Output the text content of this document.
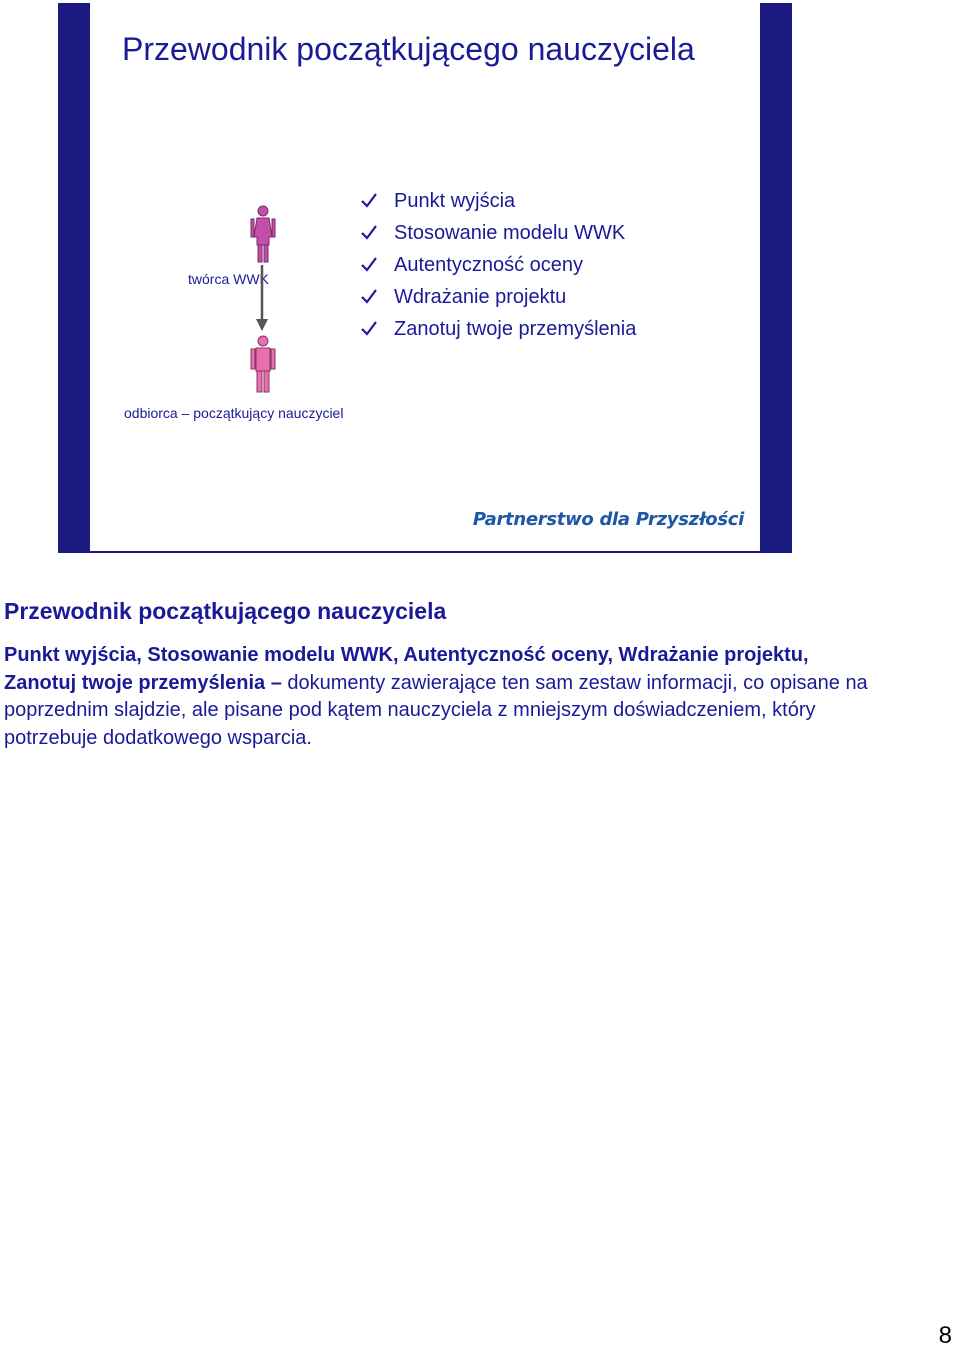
Przewodnik początkującego nauczyciela
twórca WWK
odbiorca – początkujący nauczyciel
Punkt wyjścia
Stosowanie modelu WWK
Autentyczność oceny
Wdrażanie projektu
Zanotuj twoje przemyślenia
Partnerstwo dla Przyszłości
Przewodnik początkującego nauczyciela

Punkt wyjścia, Stosowanie modelu WWK, Autentyczność oceny, Wdrażanie projektu, Zanotuj twoje przemyślenia – dokumenty zawierające ten sam zestaw informacji, co opisane na poprzednim slajdzie, ale pisane pod kątem nauczyciela z mniejszym doświadczeniem, który potrzebuje dodatkowego wsparcia.

8
